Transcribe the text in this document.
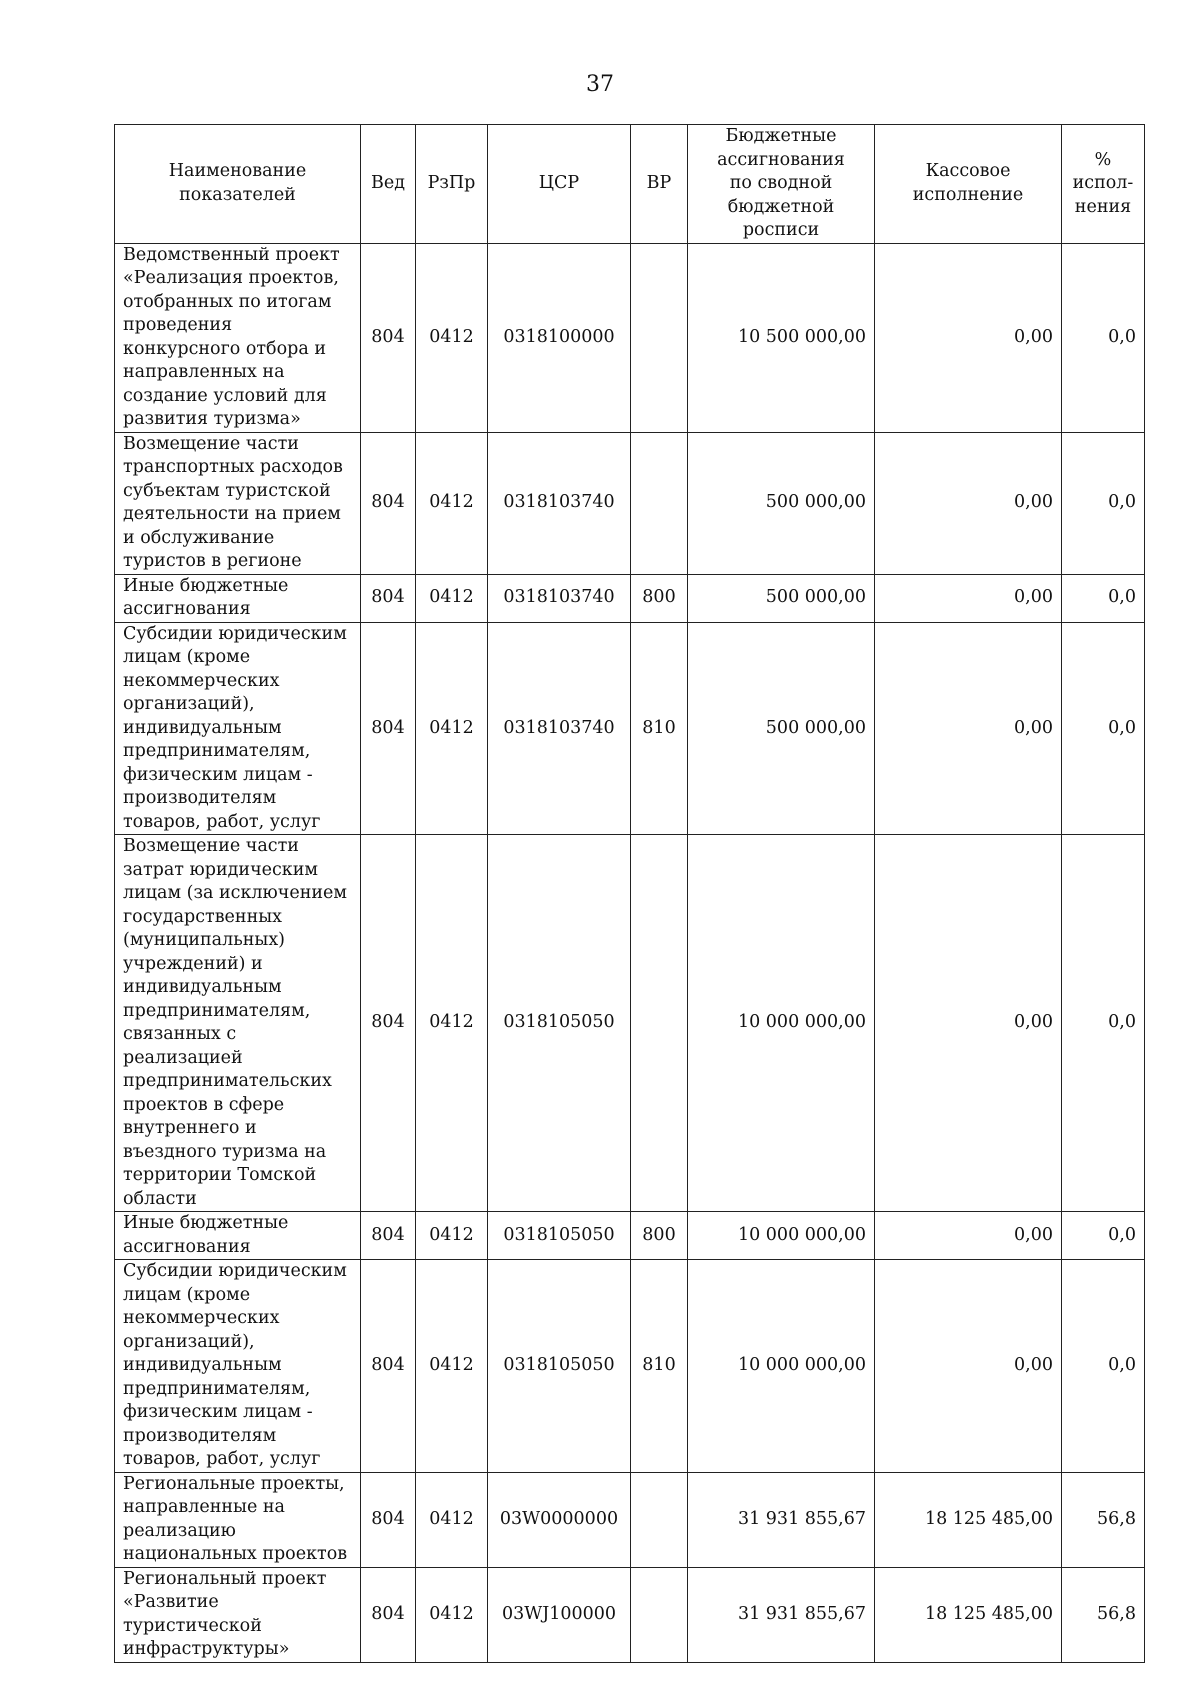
37
Наименование показателей	Вед	РзПр	ЦСР	ВР	Бюджетные ассигнования по сводной бюджетной росписи	Кассовое исполнение	% испол-нения
Ведомственный проект «Реализация проектов, отобранных по итогам проведения конкурсного отбора и направленных на создание условий для развития туризма»	804	0412	0318100000		10 500 000,00	0,00	0,0
Возмещение части транспортных расходов субъектам туристской деятельности на прием и обслуживание туристов в регионе	804	0412	0318103740		500 000,00	0,00	0,0
Иные бюджетные ассигнования	804	0412	0318103740	800	500 000,00	0,00	0,0
Субсидии юридическим лицам (кроме некоммерческих организаций), индивидуальным предпринимателям, физическим лицам - производителям товаров, работ, услуг	804	0412	0318103740	810	500 000,00	0,00	0,0
Возмещение части затрат юридическим лицам (за исключением государственных (муниципальных) учреждений) и индивидуальным предпринимателям, связанных с реализацией предпринимательских проектов в сфере внутреннего и въездного туризма на территории Томской области	804	0412	0318105050		10 000 000,00	0,00	0,0
Иные бюджетные ассигнования	804	0412	0318105050	800	10 000 000,00	0,00	0,0
Субсидии юридическим лицам (кроме некоммерческих организаций), индивидуальным предпринимателям, физическим лицам - производителям товаров, работ, услуг	804	0412	0318105050	810	10 000 000,00	0,00	0,0
Региональные проекты, направленные на реализацию национальных проектов	804	0412	03W0000000		31 931 855,67	18 125 485,00	56,8
Региональный проект «Развитие туристической инфраструктуры»	804	0412	03WJ100000		31 931 855,67	18 125 485,00	56,8
